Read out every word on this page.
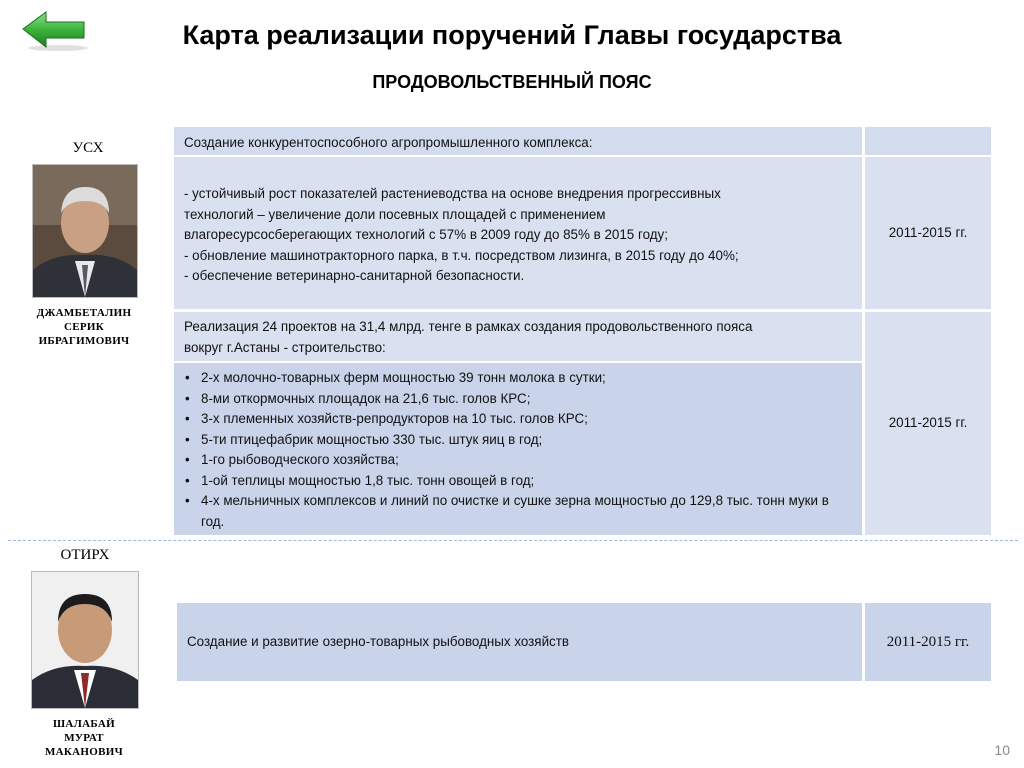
Карта реализации поручений Главы государства
ПРОДОВОЛЬСТВЕННЫЙ ПОЯС
УСХ
ДЖАМБЕТАЛИН
СЕРИК
ИБРАГИМОВИЧ

Создание конкурентоспособного агропромышленного комплекса:

- устойчивый рост показателей растениеводства на основе внедрения прогрессивных

технологий – увеличение доли посевных площадей с применением

влагоресурсосберегающих технологий с 57% в 2009 году до 85% в 2015 году;

- обновление машинотракторного парка, в т.ч. посредством лизинга, в 2015 году до 40%;

- обеспечение ветеринарно-санитарной безопасности.

2011-2015 гг.

Реализация 24 проектов на 31,4 млрд. тенге в рамках создания продовольственного пояса

вокруг г.Астаны - строительство:

• 2-х молочно-товарных ферм мощностью 39 тонн молока в сутки;
• 8-ми откормочных площадок на 21,6 тыс. голов КРС;
• 3-х племенных хозяйств-репродукторов на 10 тыс. голов КРС;
• 5-ти птицефабрик мощностью 330 тыс. штук яиц в год;
• 1-го рыбоводческого хозяйства;
• 1-ой теплицы мощностью 1,8 тыс. тонн овощей в год;
• 4-х мельничных комплексов и линий по очистке и сушке зерна мощностью до 129,8 тыс. тонн муки в год.
2011-2015 гг.
ОТИРХ
ШАЛАБАЙ
МУРАТ
МАКАНОВИЧ

Создание и развитие озерно-товарных рыбоводных хозяйств	2011-2015 гг.
10
